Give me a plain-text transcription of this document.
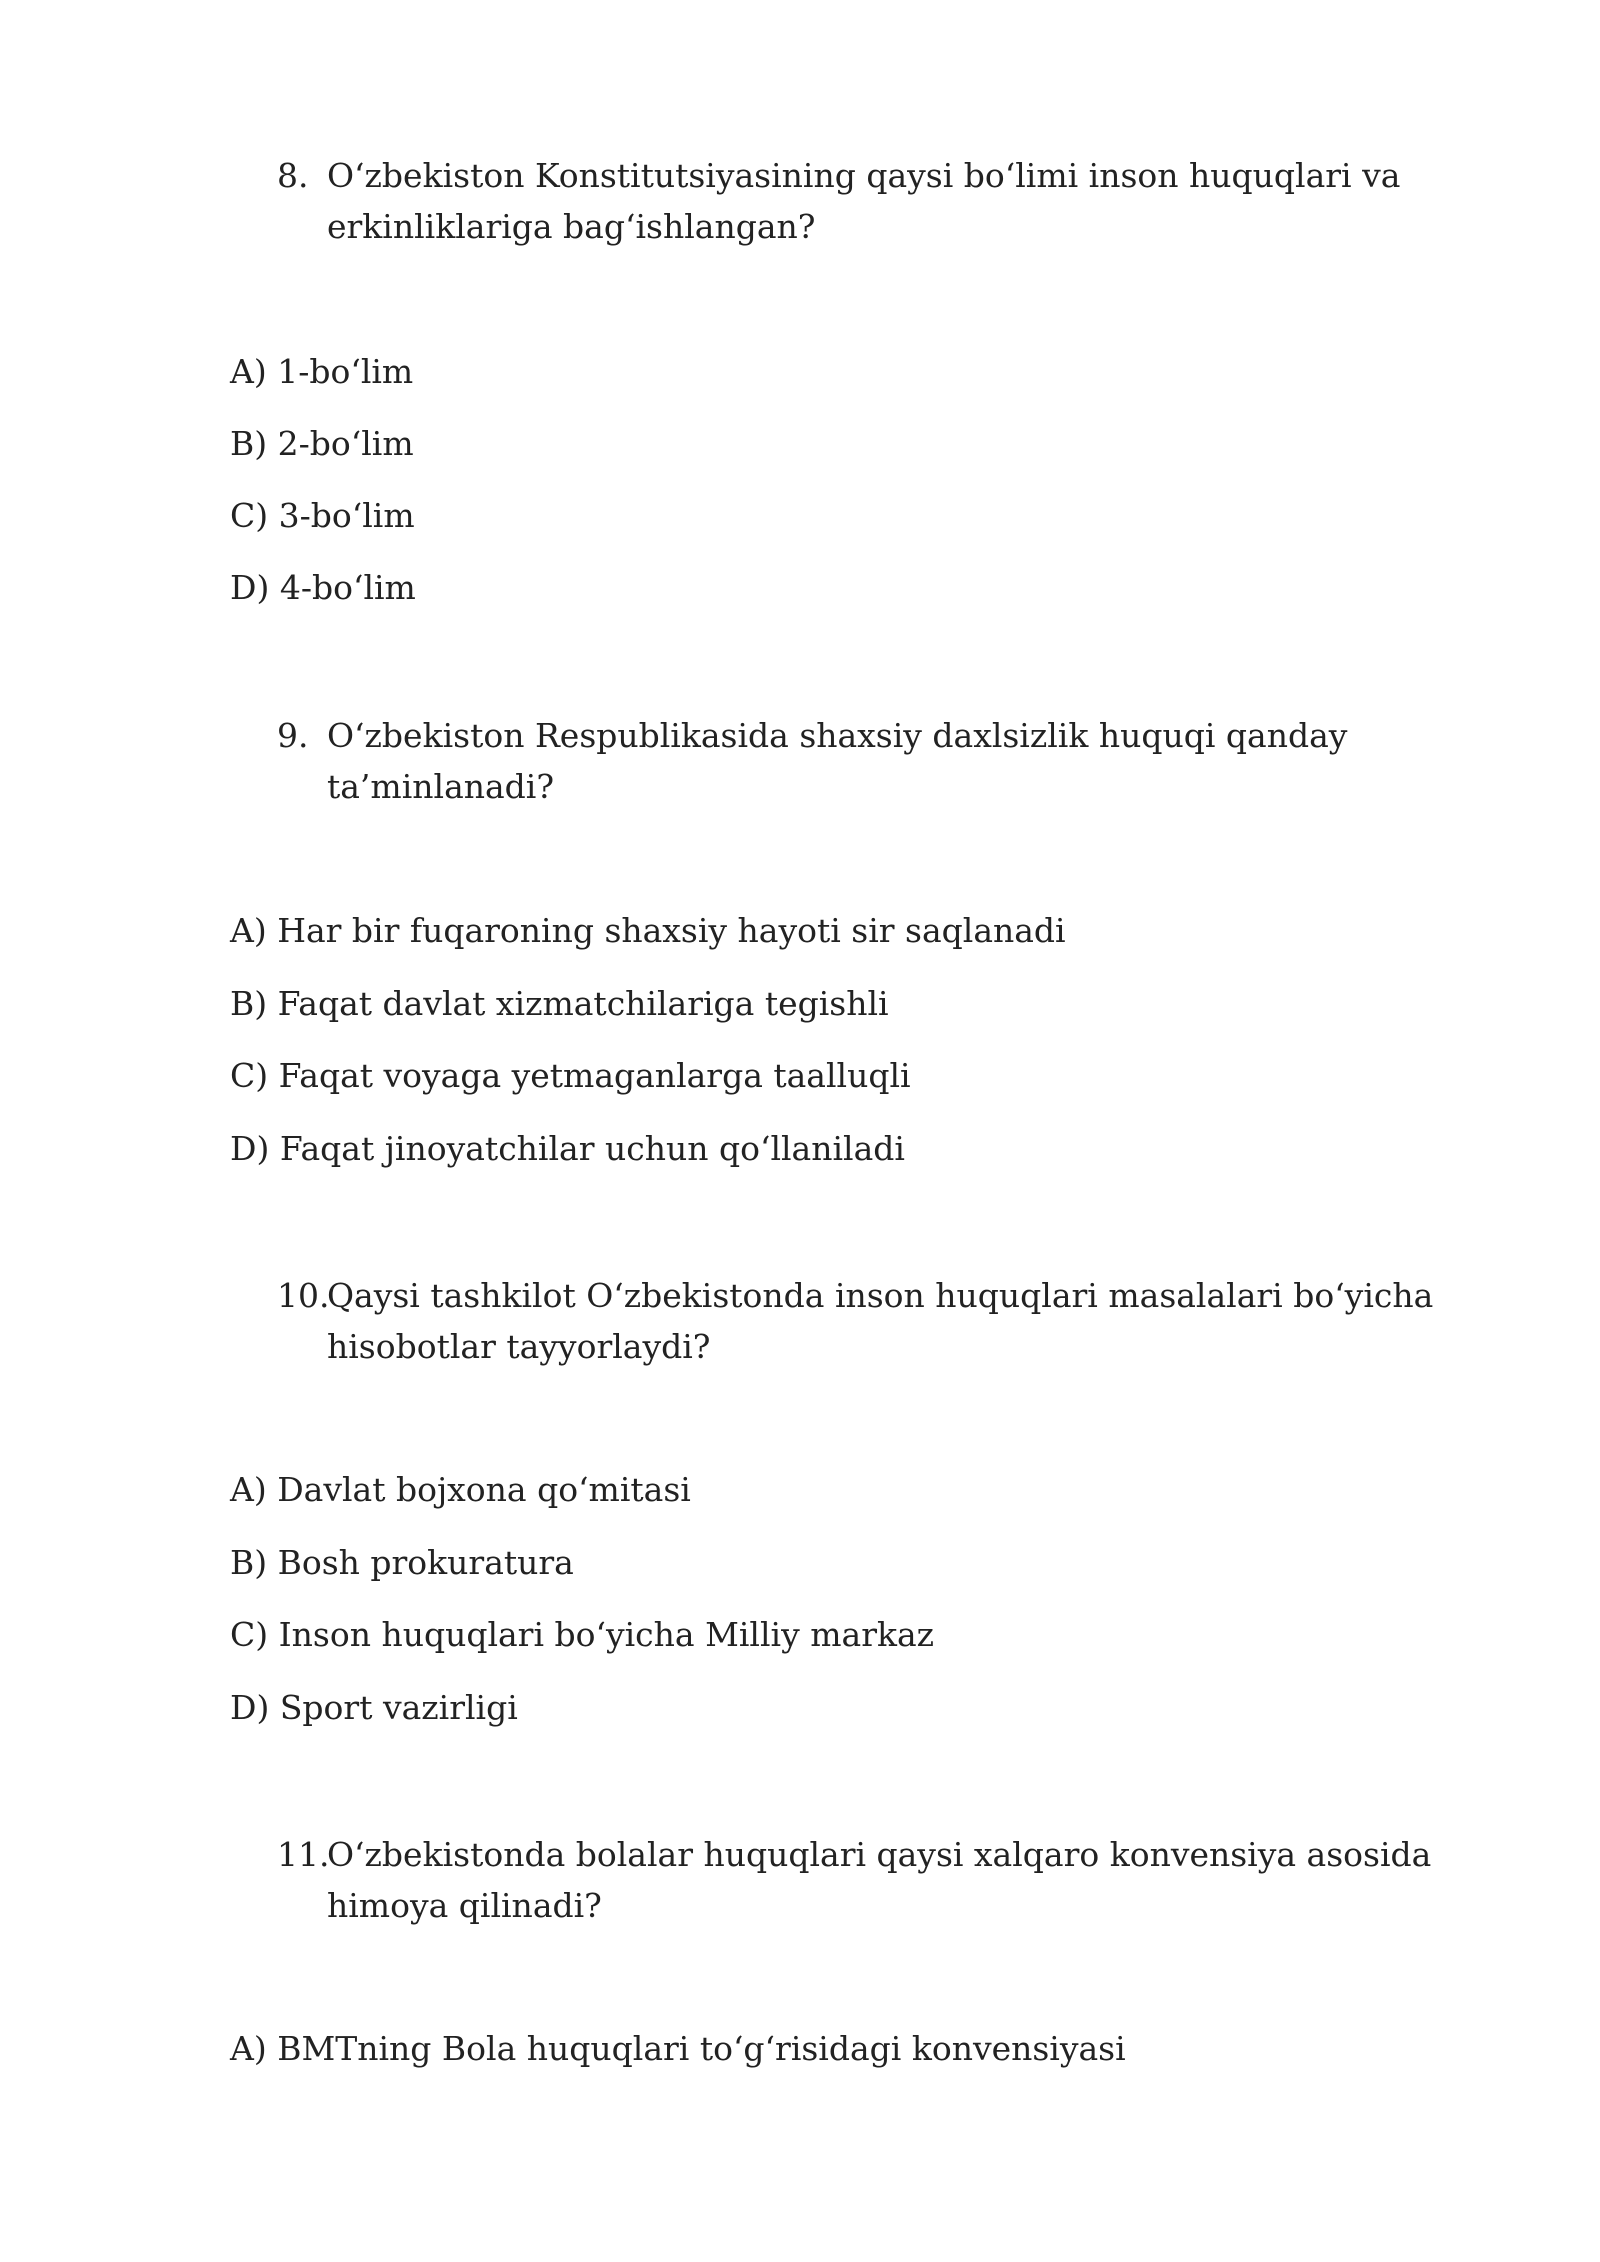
8. O‘zbekiston Konstitutsiyasining qaysi bo‘limi inson huquqlari va erkinliklariga bag‘ishlangan?
A) 1-bo‘lim
B) 2-bo‘lim
C) 3-bo‘lim
D) 4-bo‘lim
9. O‘zbekiston Respublikasida shaxsiy daxlsizlik huquqi qanday ta’minlanadi?
A) Har bir fuqaroning shaxsiy hayoti sir saqlanadi
B) Faqat davlat xizmatchilariga tegishli
C) Faqat voyaga yetmaganlarga taalluqli
D) Faqat jinoyatchilar uchun qo‘llaniladi
10.
Qaysi tashkilot O‘zbekistonda inson huquqlari masalalari bo‘yicha hisobotlar tayyorlaydi?
A) Davlat bojxona qo‘mitasi
B) Bosh prokuratura
C) Inson huquqlari bo‘yicha Milliy markaz
D) Sport vazirligi
11.
O‘zbekistonda bolalar huquqlari qaysi xalqaro konvensiya asosida himoya qilinadi?
A) BMTning Bola huquqlari to‘g‘risidagi konvensiyasi
